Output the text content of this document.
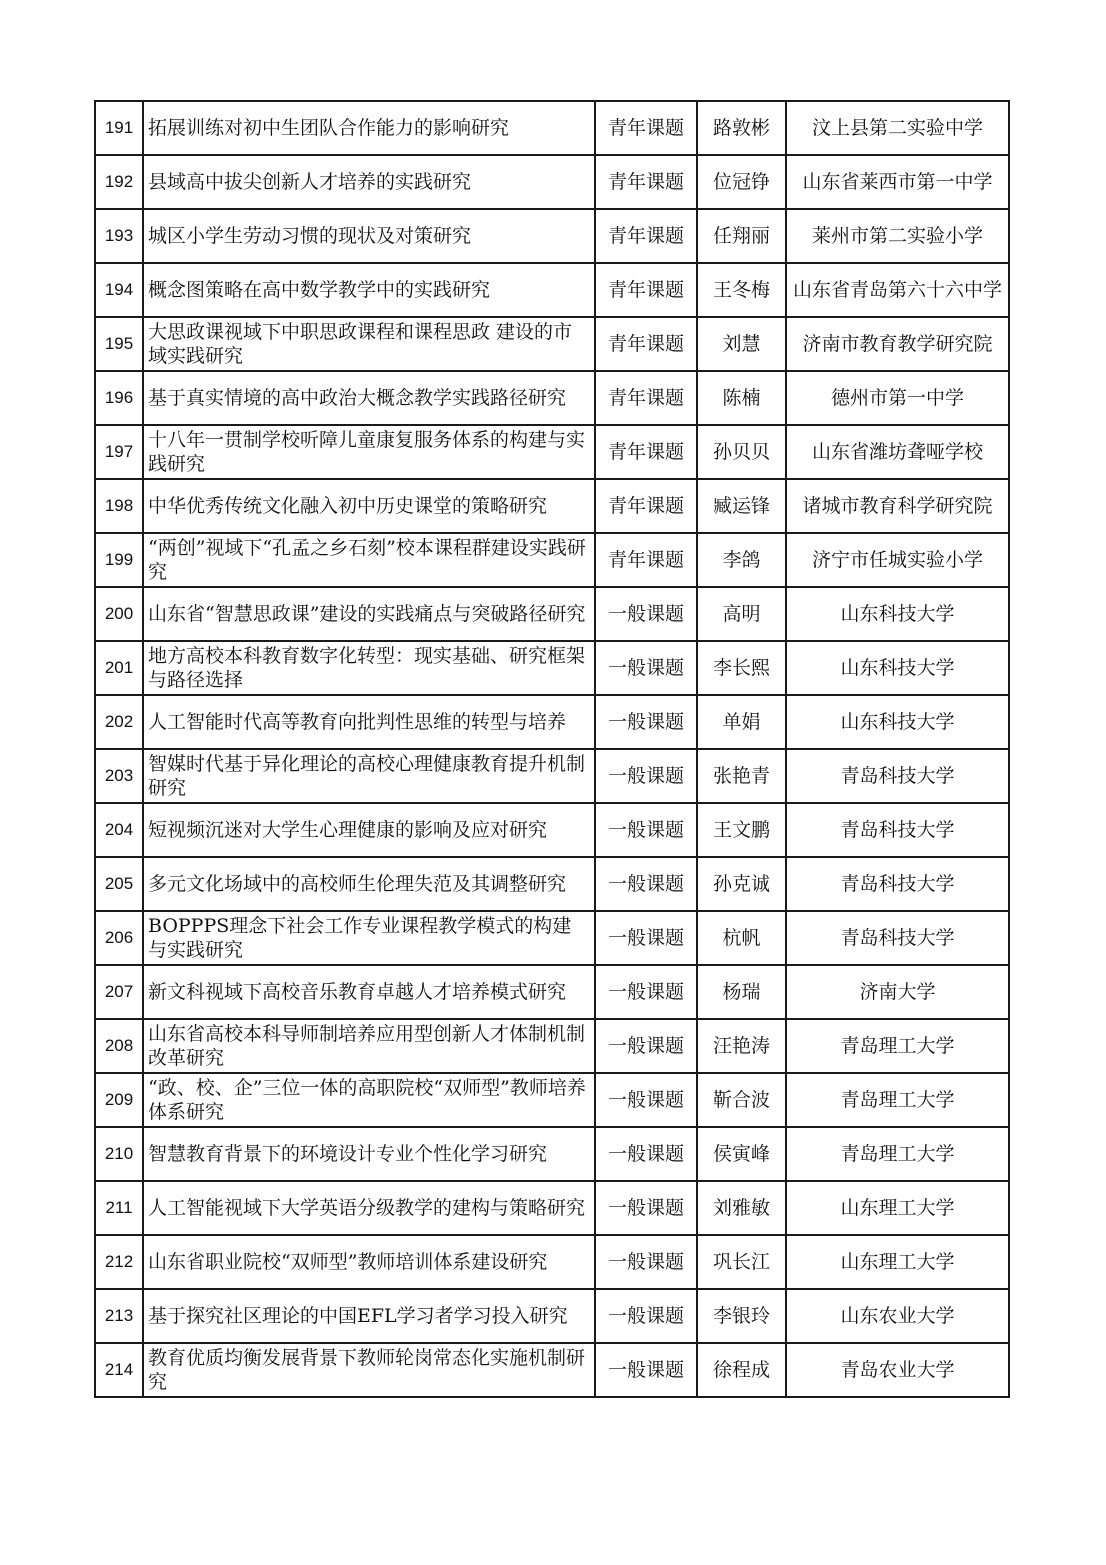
191	拓展训练对初中生团队合作能力的影响研究	青年课题	路敦彬	汶上县第二实验中学
192	县域高中拔尖创新人才培养的实践研究	青年课题	位冠铮	山东省莱西市第一中学
193	城区小学生劳动习惯的现状及对策研究	青年课题	任翔丽	莱州市第二实验小学
194	概念图策略在高中数学教学中的实践研究	青年课题	王冬梅	山东省青岛第六十六中学
195	大思政课视域下中职思政课程和课程思政 建设的市域实践研究	青年课题	刘慧	济南市教育教学研究院
196	基于真实情境的高中政治大概念教学实践路径研究	青年课题	陈楠	德州市第一中学
197	十八年一贯制学校听障儿童康复服务体系的构建与实践研究	青年课题	孙贝贝	山东省潍坊聋哑学校
198	中华优秀传统文化融入初中历史课堂的策略研究	青年课题	臧运锋	诸城市教育科学研究院
199	“两创”视域下“孔孟之乡石刻”校本课程群建设实践研究	青年课题	李鸽	济宁市任城实验小学
200	山东省“智慧思政课”建设的实践痛点与突破路径研究	一般课题	高明	山东科技大学
201	地方高校本科教育数字化转型：现实基础、研究框架与路径选择	一般课题	李长熙	山东科技大学
202	人工智能时代高等教育向批判性思维的转型与培养	一般课题	单娟	山东科技大学
203	智媒时代基于异化理论的高校心理健康教育提升机制研究	一般课题	张艳青	青岛科技大学
204	短视频沉迷对大学生心理健康的影响及应对研究	一般课题	王文鹏	青岛科技大学
205	多元文化场域中的高校师生伦理失范及其调整研究	一般课题	孙克诚	青岛科技大学
206	BOPPPS理念下社会工作专业课程教学模式的构建与实践研究	一般课题	杭帆	青岛科技大学
207	新文科视域下高校音乐教育卓越人才培养模式研究	一般课题	杨瑞	济南大学
208	山东省高校本科导师制培养应用型创新人才体制机制改革研究	一般课题	汪艳涛	青岛理工大学
209	“政、校、企”三位一体的高职院校“双师型”教师培养体系研究	一般课题	靳合波	青岛理工大学
210	智慧教育背景下的环境设计专业个性化学习研究	一般课题	侯寅峰	青岛理工大学
211	人工智能视域下大学英语分级教学的建构与策略研究	一般课题	刘雅敏	山东理工大学
212	山东省职业院校“双师型”教师培训体系建设研究	一般课题	巩长江	山东理工大学
213	基于探究社区理论的中国EFL学习者学习投入研究	一般课题	李银玲	山东农业大学
214	教育优质均衡发展背景下教师轮岗常态化实施机制研究	一般课题	徐程成	青岛农业大学
